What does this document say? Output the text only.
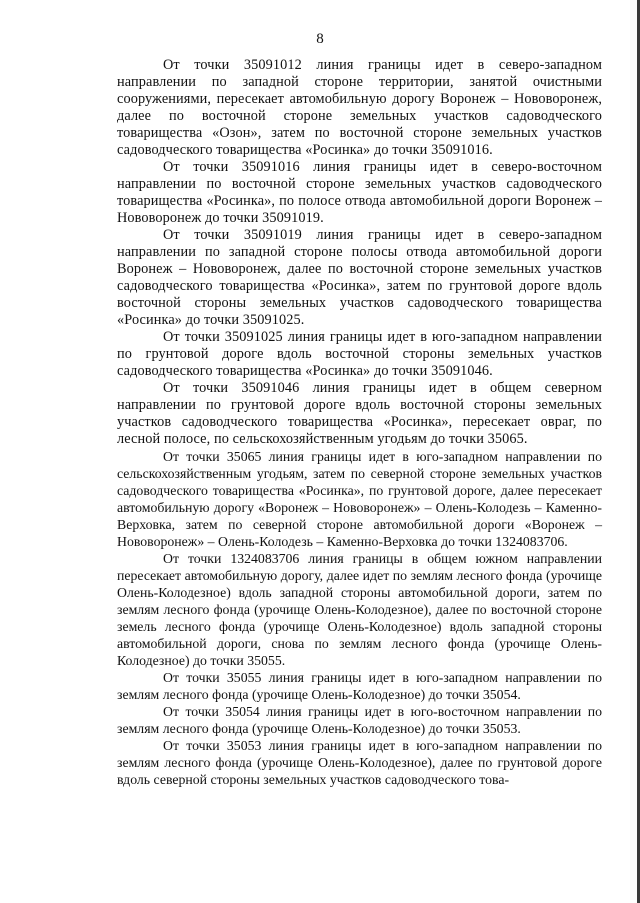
8

От точки 35091012 линия границы идет в северо-западном направлении по западной стороне территории, занятой очистными сооружениями, пересекает автомобильную дорогу Воронеж – Нововоронеж, далее по восточной стороне земельных участков садоводческого товарищества «Озон», затем по восточной стороне земельных участков садоводческого товарищества «Росинка» до точки 35091016.

От точки 35091016 линия границы идет в северо-восточном направлении по восточной стороне земельных участков садоводческого товарищества «Росинка», по полосе отвода автомобильной дороги Воронеж – Нововоронеж до точки 35091019.

От точки 35091019 линия границы идет в северо-западном направлении по западной стороне полосы отвода автомобильной дороги Воронеж – Нововоронеж, далее по восточной стороне земельных участков садоводческого товарищества «Росинка», затем по грунтовой дороге вдоль восточной стороны земельных участков садоводческого товарищества «Росинка» до точки 35091025.

От точки 35091025 линия границы идет в юго-западном направлении по грунтовой дороге вдоль восточной стороны земельных участков садоводческого товарищества «Росинка» до точки 35091046.

От точки 35091046 линия границы идет в общем северном направлении по грунтовой дороге вдоль восточной стороны земельных участков садоводческого товарищества «Росинка», пересекает овраг, по лесной полосе, по сельскохозяйственным угодьям до точки 35065.

От точки 35065 линия границы идет в юго-западном направлении по сельскохозяйственным угодьям, затем по северной стороне земельных участков садоводческого товарищества «Росинка», по грунтовой дороге, далее пересекает автомобильную дорогу «Воронеж – Нововоронеж» – Олень-Колодезь – Каменно-Верховка, затем по северной стороне автомобильной дороги «Воронеж – Нововоронеж» – Олень-Колодезь – Каменно-Верховка до точки 1324083706.

От точки 1324083706 линия границы в общем южном направлении пересекает автомобильную дорогу, далее идет по землям лесного фонда (урочище Олень-Колодезное) вдоль западной стороны автомобильной дороги, затем по землям лесного фонда (урочище Олень-Колодезное), далее по восточной стороне земель лесного фонда (урочище Олень-Колодезное) вдоль западной стороны автомобильной дороги, снова по землям лесного фонда (урочище Олень-Колодезное) до точки 35055.

От точки 35055 линия границы идет в юго-западном направлении по землям лесного фонда (урочище Олень-Колодезное) до точки 35054.

От точки 35054 линия границы идет в юго-восточном направлении по землям лесного фонда (урочище Олень-Колодезное) до точки 35053.

От точки 35053 линия границы идет в юго-западном направлении по землям лесного фонда (урочище Олень-Колодезное), далее по грунтовой дороге вдоль северной стороны земельных участков садоводческого това-
